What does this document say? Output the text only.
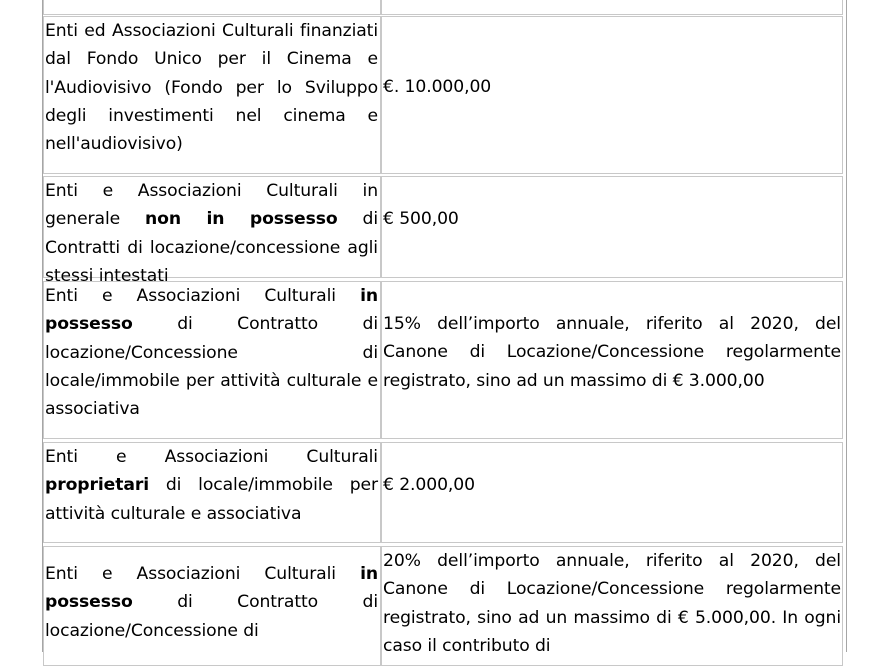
Enti ed Associazioni Culturali finanziati dal Fondo Unico per il Cinema e l'Audiovisivo (Fondo per lo Sviluppo degli investimenti nel cinema e nell'audiovisivo)
€. 10.000,00
Enti e Associazioni Culturali in generale non in possesso di Contratti di locazione/concessione agli stessi intestati
€ 500,00
Enti e Associazioni Culturali in possesso di Contratto di locazione/Concessione di locale/immobile per attività culturale e associativa
15% dell’importo annuale, riferito al 2020, del Canone di Locazione/Concessione regolarmente registrato, sino ad un massimo di € 3.000,00
Enti e Associazioni Culturali proprietari di locale/immobile per attività culturale e associativa
€ 2.000,00
Enti e Associazioni Culturali in possesso di Contratto di locazione/Concessione di
20% dell’importo annuale, riferito al 2020, del Canone di Locazione/Concessione regolarmente registrato, sino ad un massimo di € 5.000,00. In ogni caso il contributo di
